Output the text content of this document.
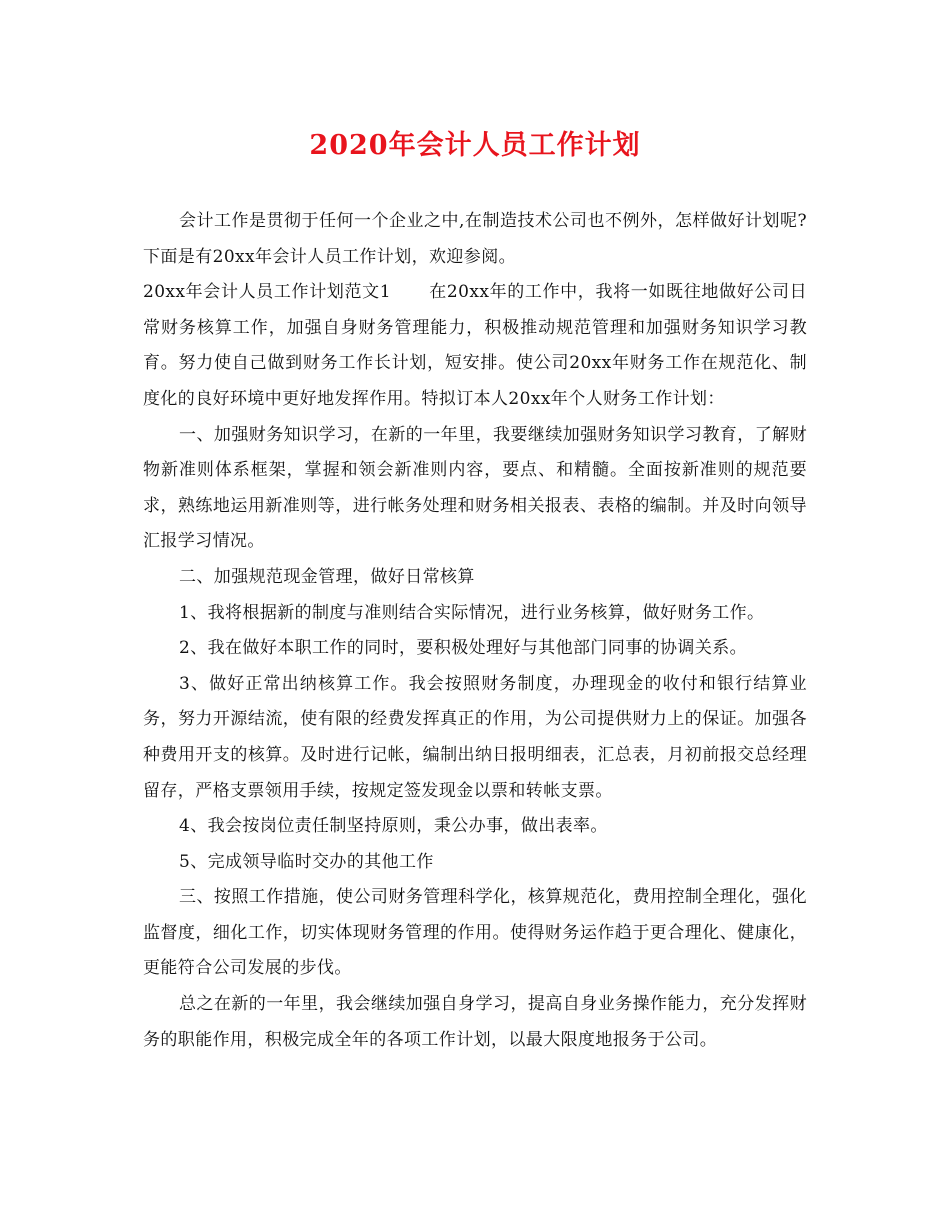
2020年会计人员工作计划

会计工作是贯彻于任何一个企业之中,在制造技术公司也不例外，怎样做好计划呢?下面是有20xx年会计人员工作计划，欢迎参阅。

20xx年会计人员工作计划范文1 在20xx年的工作中，我将一如既往地做好公司日常财务核算工作，加强自身财务管理能力，积极推动规范管理和加强财务知识学习教育。努力使自己做到财务工作长计划，短安排。使公司20xx年财务工作在规范化、制度化的良好环境中更好地发挥作用。特拟订本人20xx年个人财务工作计划：

一、加强财务知识学习，在新的一年里，我要继续加强财务知识学习教育，了解财物新准则体系框架，掌握和领会新准则内容，要点、和精髓。全面按新准则的规范要求，熟练地运用新准则等，进行帐务处理和财务相关报表、表格的编制。并及时向领导汇报学习情况。

二、加强规范现金管理，做好日常核算

1、我将根据新的制度与准则结合实际情况，进行业务核算，做好财务工作。

2、我在做好本职工作的同时，要积极处理好与其他部门同事的协调关系。

3、做好正常出纳核算工作。我会按照财务制度，办理现金的收付和银行结算业务，努力开源结流，使有限的经费发挥真正的作用，为公司提供财力上的保证。加强各种费用开支的核算。及时进行记帐，编制出纳日报明细表，汇总表，月初前报交总经理留存，严格支票领用手续，按规定签发现金以票和转帐支票。

4、我会按岗位责任制坚持原则，秉公办事，做出表率。

5、完成领导临时交办的其他工作

三、按照工作措施，使公司财务管理科学化，核算规范化，费用控制全理化，强化监督度，细化工作，切实体现财务管理的作用。使得财务运作趋于更合理化、健康化，更能符合公司发展的步伐。

总之在新的一年里，我会继续加强自身学习，提高自身业务操作能力，充分发挥财务的职能作用，积极完成全年的各项工作计划，以最大限度地报务于公司。
